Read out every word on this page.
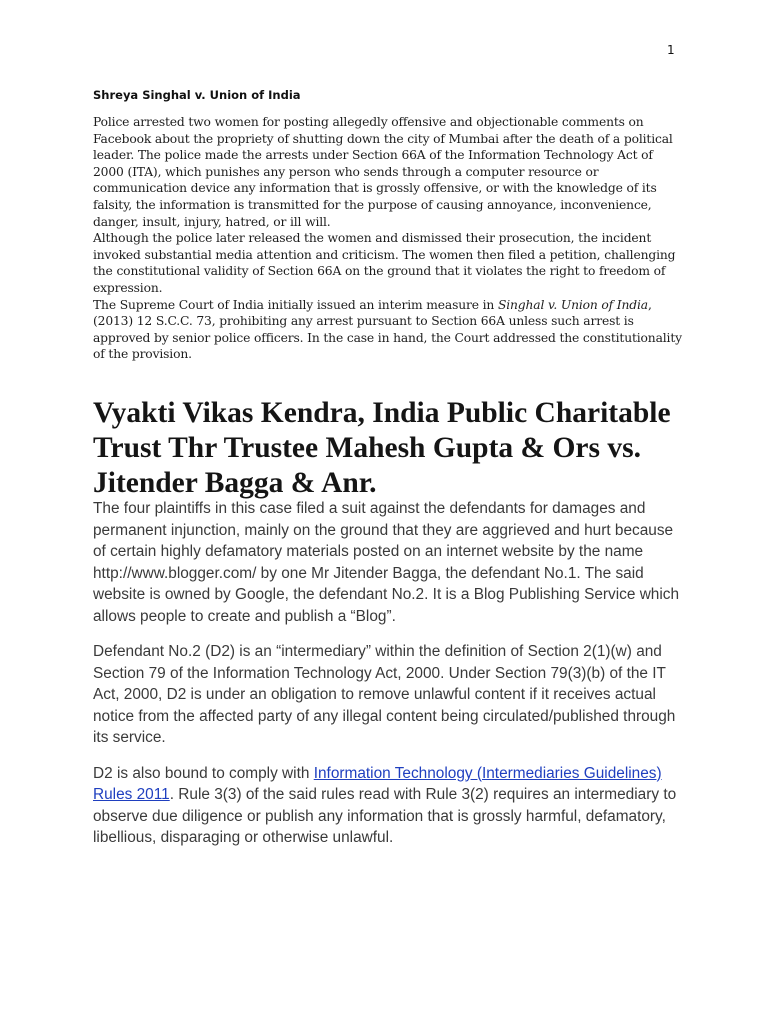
1
Shreya Singhal v. Union of India

Police arrested two women for posting allegedly offensive and objectionable comments on Facebook about the propriety of shutting down the city of Mumbai after the death of a political leader. The police made the arrests under Section 66A of the Information Technology Act of 2000 (ITA), which punishes any person who sends through a computer resource or communication device any information that is grossly offensive, or with the knowledge of its falsity, the information is transmitted for the purpose of causing annoyance, inconvenience, danger, insult, injury, hatred, or ill will.

Although the police later released the women and dismissed their prosecution, the incident invoked substantial media attention and criticism. The women then filed a petition, challenging the constitutional validity of Section 66A on the ground that it violates the right to freedom of expression.

The Supreme Court of India initially issued an interim measure in Singhal v. Union of India, (2013) 12 S.C.C. 73, prohibiting any arrest pursuant to Section 66A unless such arrest is approved by senior police officers. In the case in hand, the Court addressed the constitutionality of the provision.

Vyakti Vikas Kendra, India Public Charitable Trust Thr Trustee Mahesh Gupta & Ors vs. Jitender Bagga & Anr.

The four plaintiffs in this case filed a suit against the defendants for damages and permanent injunction, mainly on the ground that they are aggrieved and hurt because of certain highly defamatory materials posted on an internet website by the name http://www.blogger.com/ by one Mr Jitender Bagga, the defendant No.1. The said website is owned by Google, the defendant No.2. It is a Blog Publishing Service which allows people to create and publish a “Blog”.

Defendant No.2 (D2) is an “intermediary” within the definition of Section 2(1)(w) and Section 79 of the Information Technology Act, 2000. Under Section 79(3)(b) of the IT Act, 2000, D2 is under an obligation to remove unlawful content if it receives actual notice from the affected party of any illegal content being circulated/published through its service.

D2 is also bound to comply with Information Technology (Intermediaries Guidelines) Rules 2011. Rule 3(3) of the said rules read with Rule 3(2) requires an intermediary to observe due diligence or publish any information that is grossly harmful, defamatory, libellious, disparaging or otherwise unlawful.
